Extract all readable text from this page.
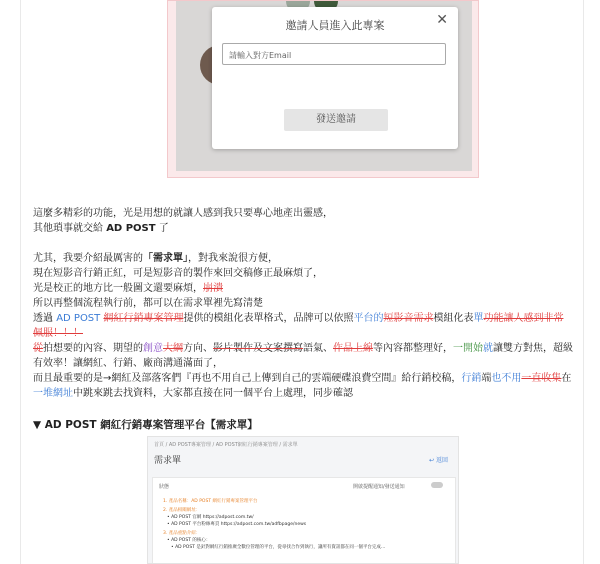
邀請人員進入此專案	✕
請輸入對方Email
發送邀請
這麼多精彩的功能，光是用想的就讓人感到我只要專心地產出靈感，
其他瑣事就交給 AD POST 了
尤其，我要介紹最厲害的「需求單」，對我來說很方便，
現在短影音行銷正紅，可是短影音的製作來回交稿修正最麻煩了，
光是校正的地方比一般圖文還要麻煩，崩潰
所以再整個流程執行前，都可以在需求單裡先寫清楚
透過 AD POST 網紅行銷專案管理提供的模組化表單格式，品牌可以依照平台的短影音需求模組化表單功能讓人感到非常佩服！！！
從拍想要的內容、期望的創意大綱方向、影片製作及文案撰寫語氣、作品上線等內容都整理好，一開始就讓雙方對焦，超級有效率！讓網紅、行銷、廠商溝通滿面了，
而且最重要的是→網紅及部落客們『再也不用自己上傳到自己的雲端硬碟浪費空間』給行銷校稿，行銷端也不用一直收集在一堆網址中跳來跳去找資料，大家都直接在同一個平台上處理，同步確認
▼ AD POST 網紅行銷專案管理平台【需求單】
首頁 / AD POST專案管理 / AD POST網紅行銷專案管理 / 需求單
需求單	↩ 返回
狀態	開啟提醒通知/發送通知
1. 產品名稱：AD POST 網紅行銷專案管理平台
2. 產品相關網址：
• AD POST 官網 https://adpost.com.tw/
• AD POST 平台粉絲專頁 https://adpost.com.tw/adfbpage/news
3. 產品重點介紹：
• AD POST 的核心：
• AD POST 是針對網紅行銷推廣全數位管理的平台，從尋找合作到執行，讓所有資訊都在同一個平台完成…
